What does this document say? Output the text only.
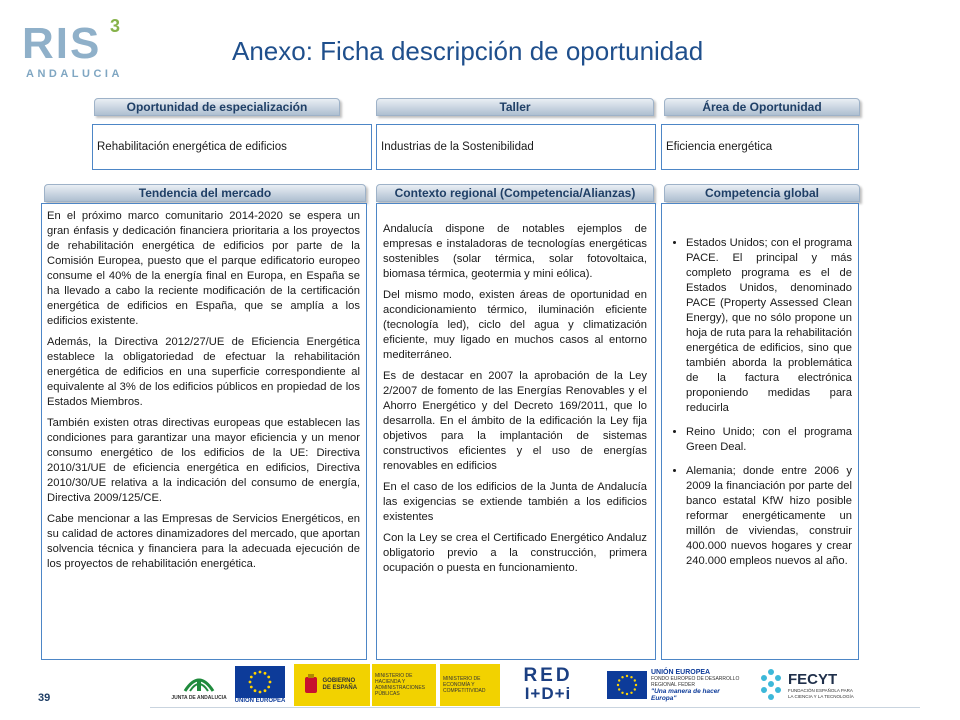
RIS 3
ANDALUCIA
Anexo: Ficha descripción de oportunidad
Oportunidad de especialización	Taller	Área de Oportunidad
Rehabilitación energética de edificios	Industrias de la Sostenibilidad	Eficiencia energética
Tendencia del mercado	Contexto regional (Competencia/Alianzas)	Competencia global

En el próximo marco comunitario 2014-2020 se espera un gran énfasis y dedicación financiera prioritaria a los proyectos de rehabilitación energética de edificios por parte de la Comisión Europea, puesto que el parque edificatorio europeo consume el 40% de la energía final en Europa, en España se ha llevado a cabo la reciente modificación de la certificación energética de edificios en España, que se amplía a los edificios existente.

Además, la Directiva 2012/27/UE de Eficiencia Energética establece la obligatoriedad de efectuar la rehabilitación energética de edificios en una superficie correspondiente al equivalente al 3% de los edificios públicos en propiedad de los Estados Miembros.

También existen otras directivas europeas que establecen las condiciones para garantizar una mayor eficiencia y un menor consumo energético de los edificios de la UE: Directiva 2010/31/UE de eficiencia energética en edificios, Directiva 2010/30/UE relativa a la indicación del consumo de energía, Directiva 2009/125/CE.

Cabe mencionar a las Empresas de Servicios Energéticos, en su calidad de actores dinamizadores del mercado, que aportan solvencia técnica y financiera para la adecuada ejecución de los proyectos de rehabilitación energética.

Andalucía dispone de notables ejemplos de empresas e instaladoras de tecnologías energéticas sostenibles (solar térmica, solar fotovoltaica, biomasa térmica, geotermia y mini eólica).

Del mismo modo, existen áreas de oportunidad en acondicionamiento térmico, iluminación eficiente (tecnología led), ciclo del agua y climatización eficiente, muy ligado en muchos casos al entorno mediterráneo.

Es de destacar en 2007 la aprobación de la Ley 2/2007 de fomento de las Energías Renovables y el Ahorro Energético y del Decreto 169/2011, que lo desarrolla. En el ámbito de la edificación la Ley fija objetivos para la implantación de sistemas constructivos eficientes y el uso de energías renovables en edificios

En el caso de los edificios de la Junta de Andalucía las exigencias se extiende también a los edificios existentes

Con la Ley se crea el Certificado Energético Andaluz obligatorio previo a la construcción, primera ocupación o puesta en funcionamiento.

• Estados Unidos; con el programa PACE. El principal y más completo programa es el de Estados Unidos, denominado PACE (Property Assessed Clean Energy), que no sólo propone un hoja de ruta para la rehabilitación energética de edificios, sino que también aborda la problemática de la factura electrónica proponiendo medidas para reducirla
• Reino Unido; con el programa Green Deal.
• Alemania; donde entre 2006 y 2009 la financiación por parte del banco estatal KfW hizo posible reformar energéticamente un millón de viviendas, construir 400.000 nuevos hogares y crear 240.000 empleos nuevos al año.
39	JUNTA DE ANDALUCIA UNIÓN EUROPEA
GOBIERNO DE ESPAÑA
MINISTERIO DE HACIENDA Y ADMINISTRACIONES PÚBLICAS
MINISTERIO DE ECONOMÍA Y COMPETITIVIDAD
RED
I+D+i
UNIÓN EUROPEA
FONDO EUROPEO DE DESARROLLO REGIONAL FEDER
"Una manera de hacer Europa"
FECYT
FUNDACIÓN ESPAÑOLA PARA LA CIENCIA Y LA TECNOLOGÍA
